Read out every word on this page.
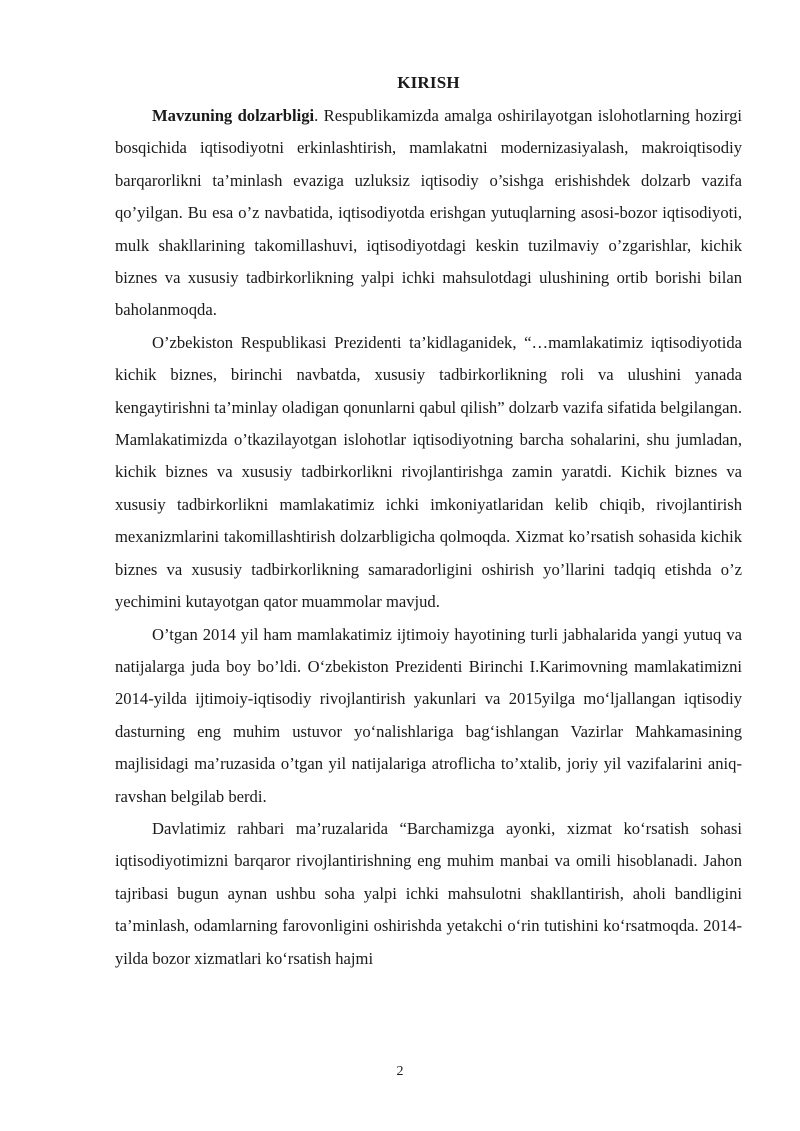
KIRISH

Mavzuning dolzarbligi. Respublikamizda amalga oshirilayotgan islohotlarning hozirgi bosqichida iqtisodiyotni erkinlashtirish, mamlakatni modernizasiyalash, makroiqtisodiy barqarorlikni ta’minlash evaziga uzluksiz iqtisodiy o’sishga erishishdek dolzarb vazifa qo’yilgan. Bu esa o’z navbatida, iqtisodiyotda erishgan yutuqlarning asosi-bozor iqtisodiyoti, mulk shakllarining takomillashuvi, iqtisodiyotdagi keskin tuzilmaviy o’zgarishlar, kichik biznes va xususiy tadbirkorlikning yalpi ichki mahsulotdagi ulushining ortib borishi bilan baholanmoqda.

O’zbekiston Respublikasi Prezidenti ta’kidlaganidek, “…mamlakatimiz iqtisodiyotida kichik biznes, birinchi navbatda, xususiy tadbirkorlikning roli va ulushini yanada kengaytirishni ta’minlay oladigan qonunlarni qabul qilish” dolzarb vazifa sifatida belgilangan. Mamlakatimizda o’tkazilayotgan islohotlar iqtisodiyotning barcha sohalarini, shu jumladan, kichik biznes va xususiy tadbirkorlikni rivojlantirishga zamin yaratdi. Kichik biznes va xususiy tadbirkorlikni mamlakatimiz ichki imkoniyatlaridan kelib chiqib, rivojlantirish mexanizmlarini takomillashtirish dolzarbligicha qolmoqda. Xizmat ko’rsatish sohasida kichik biznes va xususiy tadbirkorlikning samaradorligini oshirish yo’llarini tadqiq etishda o’z yechimini kutayotgan qator muammolar mavjud.

O’tgan 2014 yil ham mamlakatimiz ijtimoiy hayotining turli jabhalarida yangi yutuq va natijalarga juda boy bo’ldi. O‘zbekiston Prezidenti Birinchi I.Karimovning mamlakatimizni 2014-yilda ijtimoiy-iqtisodiy rivojlantirish yakunlari va 2015yilga mo‘ljallangan iqtisodiy dasturning eng muhim ustuvor yo‘nalishlariga bag‘ishlangan Vazirlar Mahkamasining majlisidagi ma’ruzasida o’tgan yil natijalariga atroflicha to’xtalib, joriy yil vazifalarini aniq-ravshan belgilab berdi.

Davlatimiz rahbari ma’ruzalarida “Barchamizga ayonki, xizmat ko‘rsatish sohasi iqtisodiyotimizni barqaror rivojlantirishning eng muhim manbai va omili hisoblanadi. Jahon tajribasi bugun aynan ushbu soha yalpi ichki mahsulotni shakllantirish, aholi bandligini ta’minlash, odamlarning farovonligini oshirishda yetakchi o‘rin tutishini ko‘rsatmoqda. 2014-yilda bozor xizmatlari ko‘rsatish hajmi

2
